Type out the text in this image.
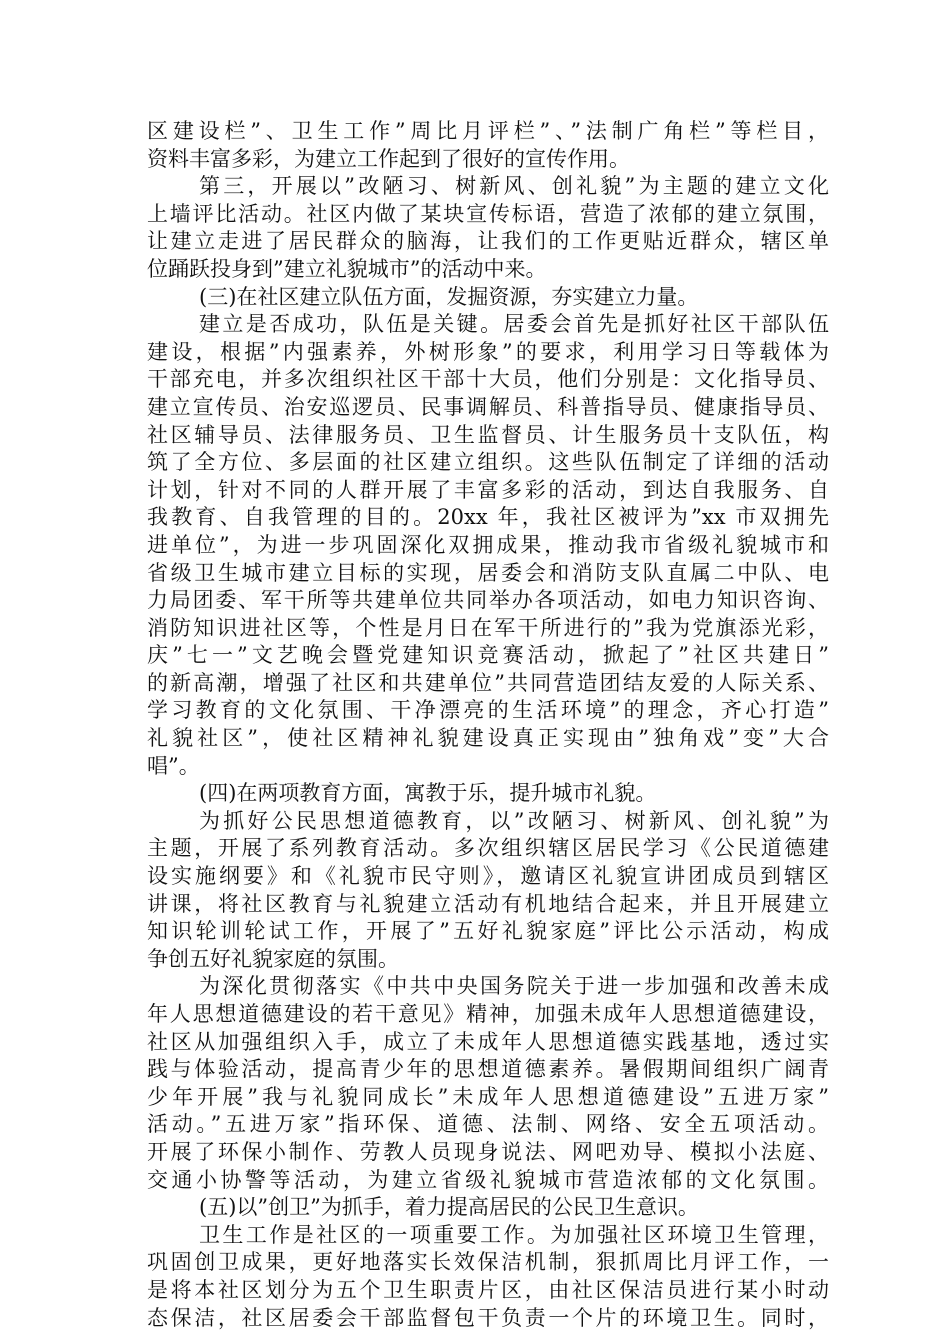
区建设栏”、卫生工作”周比月评栏”、”法制广角栏”等栏目，
资料丰富多彩，为建立工作起到了很好的宣传作用。
第三，开展以”改陋习、树新风、创礼貌”为主题的建立文化
上墙评比活动。社区内做了某块宣传标语，营造了浓郁的建立氛围，
让建立走进了居民群众的脑海，让我们的工作更贴近群众，辖区单
位踊跃投身到”建立礼貌城市”的活动中来。
(三)在社区建立队伍方面，发掘资源，夯实建立力量。
建立是否成功，队伍是关键。居委会首先是抓好社区干部队伍
建设，根据”内强素养，外树形象”的要求，利用学习日等载体为
干部充电，并多次组织社区干部十大员，他们分别是：文化指导员、
建立宣传员、治安巡逻员、民事调解员、科普指导员、健康指导员、
社区辅导员、法律服务员、卫生监督员、计生服务员十支队伍，构
筑了全方位、多层面的社区建立组织。这些队伍制定了详细的活动
计划，针对不同的人群开展了丰富多彩的活动，到达自我服务、自
我教育、自我管理的目的。20xx 年，我社区被评为”xx 市双拥先
进单位”，为进一步巩固深化双拥成果，推动我市省级礼貌城市和
省级卫生城市建立目标的实现，居委会和消防支队直属二中队、电
力局团委、军干所等共建单位共同举办各项活动，如电力知识咨询、
消防知识进社区等，个性是月日在军干所进行的”我为党旗添光彩，
庆”七一”文艺晚会暨党建知识竞赛活动，掀起了”社区共建日”
的新高潮，增强了社区和共建单位”共同营造团结友爱的人际关系、
学习教育的文化氛围、干净漂亮的生活环境”的理念，齐心打造”
礼貌社区”，使社区精神礼貌建设真正实现由”独角戏”变”大合
唱”。
(四)在两项教育方面，寓教于乐，提升城市礼貌。
为抓好公民思想道德教育，以”改陋习、树新风、创礼貌”为
主题，开展了系列教育活动。多次组织辖区居民学习《公民道德建
设实施纲要》和《礼貌市民守则》，邀请区礼貌宣讲团成员到辖区
讲课，将社区教育与礼貌建立活动有机地结合起来，并且开展建立
知识轮训轮试工作，开展了”五好礼貌家庭”评比公示活动，构成
争创五好礼貌家庭的氛围。
为深化贯彻落实《中共中央国务院关于进一步加强和改善未成
年人思想道德建设的若干意见》精神，加强未成年人思想道德建设，
社区从加强组织入手，成立了未成年人思想道德实践基地，透过实
践与体验活动，提高青少年的思想道德素养。暑假期间组织广阔青
少年开展”我与礼貌同成长”未成年人思想道德建设”五进万家”
活动。”五进万家”指环保、道德、法制、网络、安全五项活动。
开展了环保小制作、劳教人员现身说法、网吧劝导、模拟小法庭、
交通小协警等活动，为建立省级礼貌城市营造浓郁的文化氛围。
(五)以”创卫”为抓手，着力提高居民的公民卫生意识。
卫生工作是社区的一项重要工作。为加强社区环境卫生管理，
巩固创卫成果，更好地落实长效保洁机制，狠抓周比月评工作，一
是将本社区划分为五个卫生职责片区，由社区保洁员进行某小时动
态保洁，社区居委会干部监督包干负责一个片的环境卫生。同时，
